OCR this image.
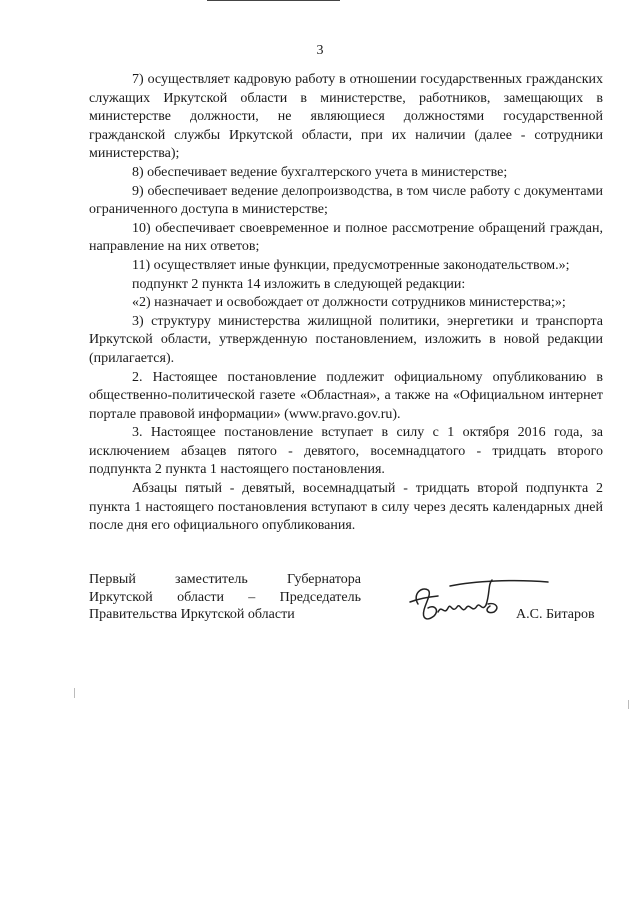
3

7) осуществляет кадровую работу в отношении государственных гражданских служащих Иркутской области в министерстве, работников, замещающих в министерстве должности, не являющиеся должностями государственной гражданской службы Иркутской области, при их наличии (далее - сотрудники министерства);

8) обеспечивает ведение бухгалтерского учета в министерстве;

9) обеспечивает ведение делопроизводства, в том числе работу с документами ограниченного доступа в министерстве;

10) обеспечивает своевременное и полное рассмотрение обращений граждан, направление на них ответов;

11) осуществляет иные функции, предусмотренные законодательством.»;

подпункт 2 пункта 14 изложить в следующей редакции:

«2) назначает и освобождает от должности сотрудников министерства;»;

3) структуру министерства жилищной политики, энергетики и транспорта Иркутской области, утвержденную постановлением, изложить в новой редакции (прилагается).

2. Настоящее постановление подлежит официальному опубликованию в общественно-политической газете «Областная», а также на «Официальном интернет портале правовой информации» (www.pravo.gov.ru).

3. Настоящее постановление вступает в силу с 1 октября 2016 года, за исключением абзацев пятого - девятого, восемнадцатого - тридцать второго подпункта 2 пункта 1 настоящего постановления.

Абзацы пятый - девятый, восемнадцатый - тридцать второй подпункта 2 пункта 1 настоящего постановления вступают в силу через десять календарных дней после дня его официального опубликования.

Первый заместитель Губернатора
Иркутской области – Председатель
Правительства Иркутской области	А.С. Битаров
